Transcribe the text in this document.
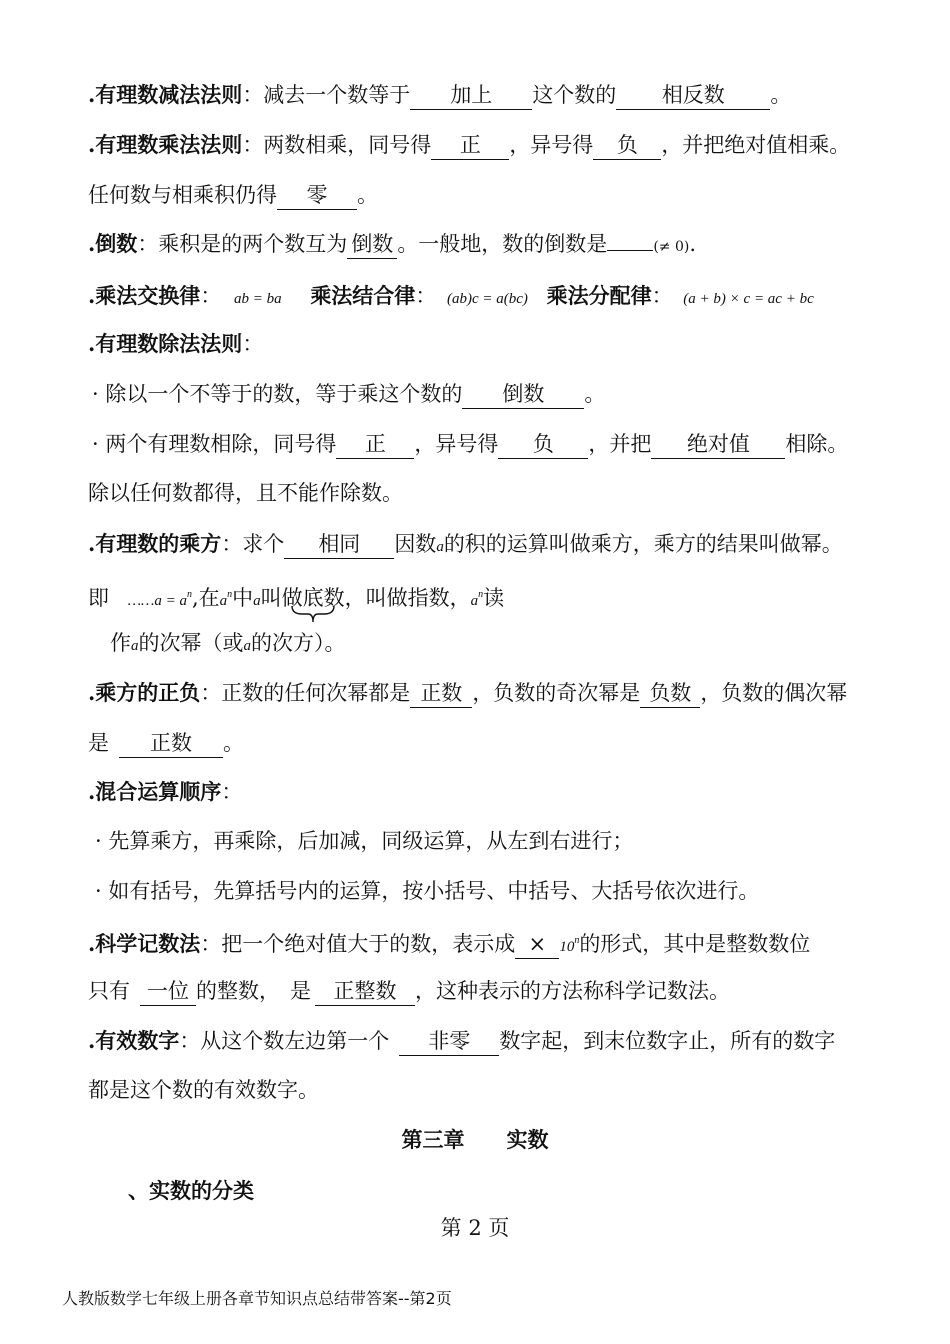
.有理数减法法则：减去一个数等于 加上 这个数的 相反数 。
.有理数乘法法则：两数相乘，同号得 正 ，异号得 负 ，并把绝对值相乘。
任何数与相乘积仍得 零 。
.倒数：乘积是的两个数互为 倒数 。一般地，数的倒数是	(≠ 0).
.乘法交换律： ab = ba 乘法结合律： (ab)c = a(bc) 乘法分配律： (a + b) × c = ac + bc
.有理数除法法则：
· 除以一个不等于的数，等于乘这个数的 倒数 。
· 两个有理数相除，同号得 正 ，异号得 负 ，并把 绝对值 相除。
除以任何数都得，且不能作除数。
.有理数的乘方：求个 相同 因数a的积的运算叫做乘方，乘方的结果叫做幂。
即 ……a = $a^n$,在$a^n$中a叫做底数，叫做指数，$a^n$读
作a的次幂（或a的次方）。
.乘方的正负：正数的任何次幂都是 正数 ，负数的奇次幂是 负数 ，负数的偶次幂
是 正数 。
.混合运算顺序：
· 先算乘方，再乘除，后加减，同级运算，从左到右进行；
· 如有括号，先算括号内的运算，按小括号、中括号、大括号依次进行。
.科学记数法：把一个绝对值大于的数，表示成 × $10^n$的形式，其中是整数数位
只有 一位 的整数， 是 正整数 ，这种表示的方法称科学记数法。
.有效数字：从这个数左边第一个 非零 数字起，到末位数字止，所有的数字
都是这个数的有效数字。
第三章　　实数
、实数的分类
第 2 页
人教版数学七年级上册各章节知识点总结带答案--第2页
